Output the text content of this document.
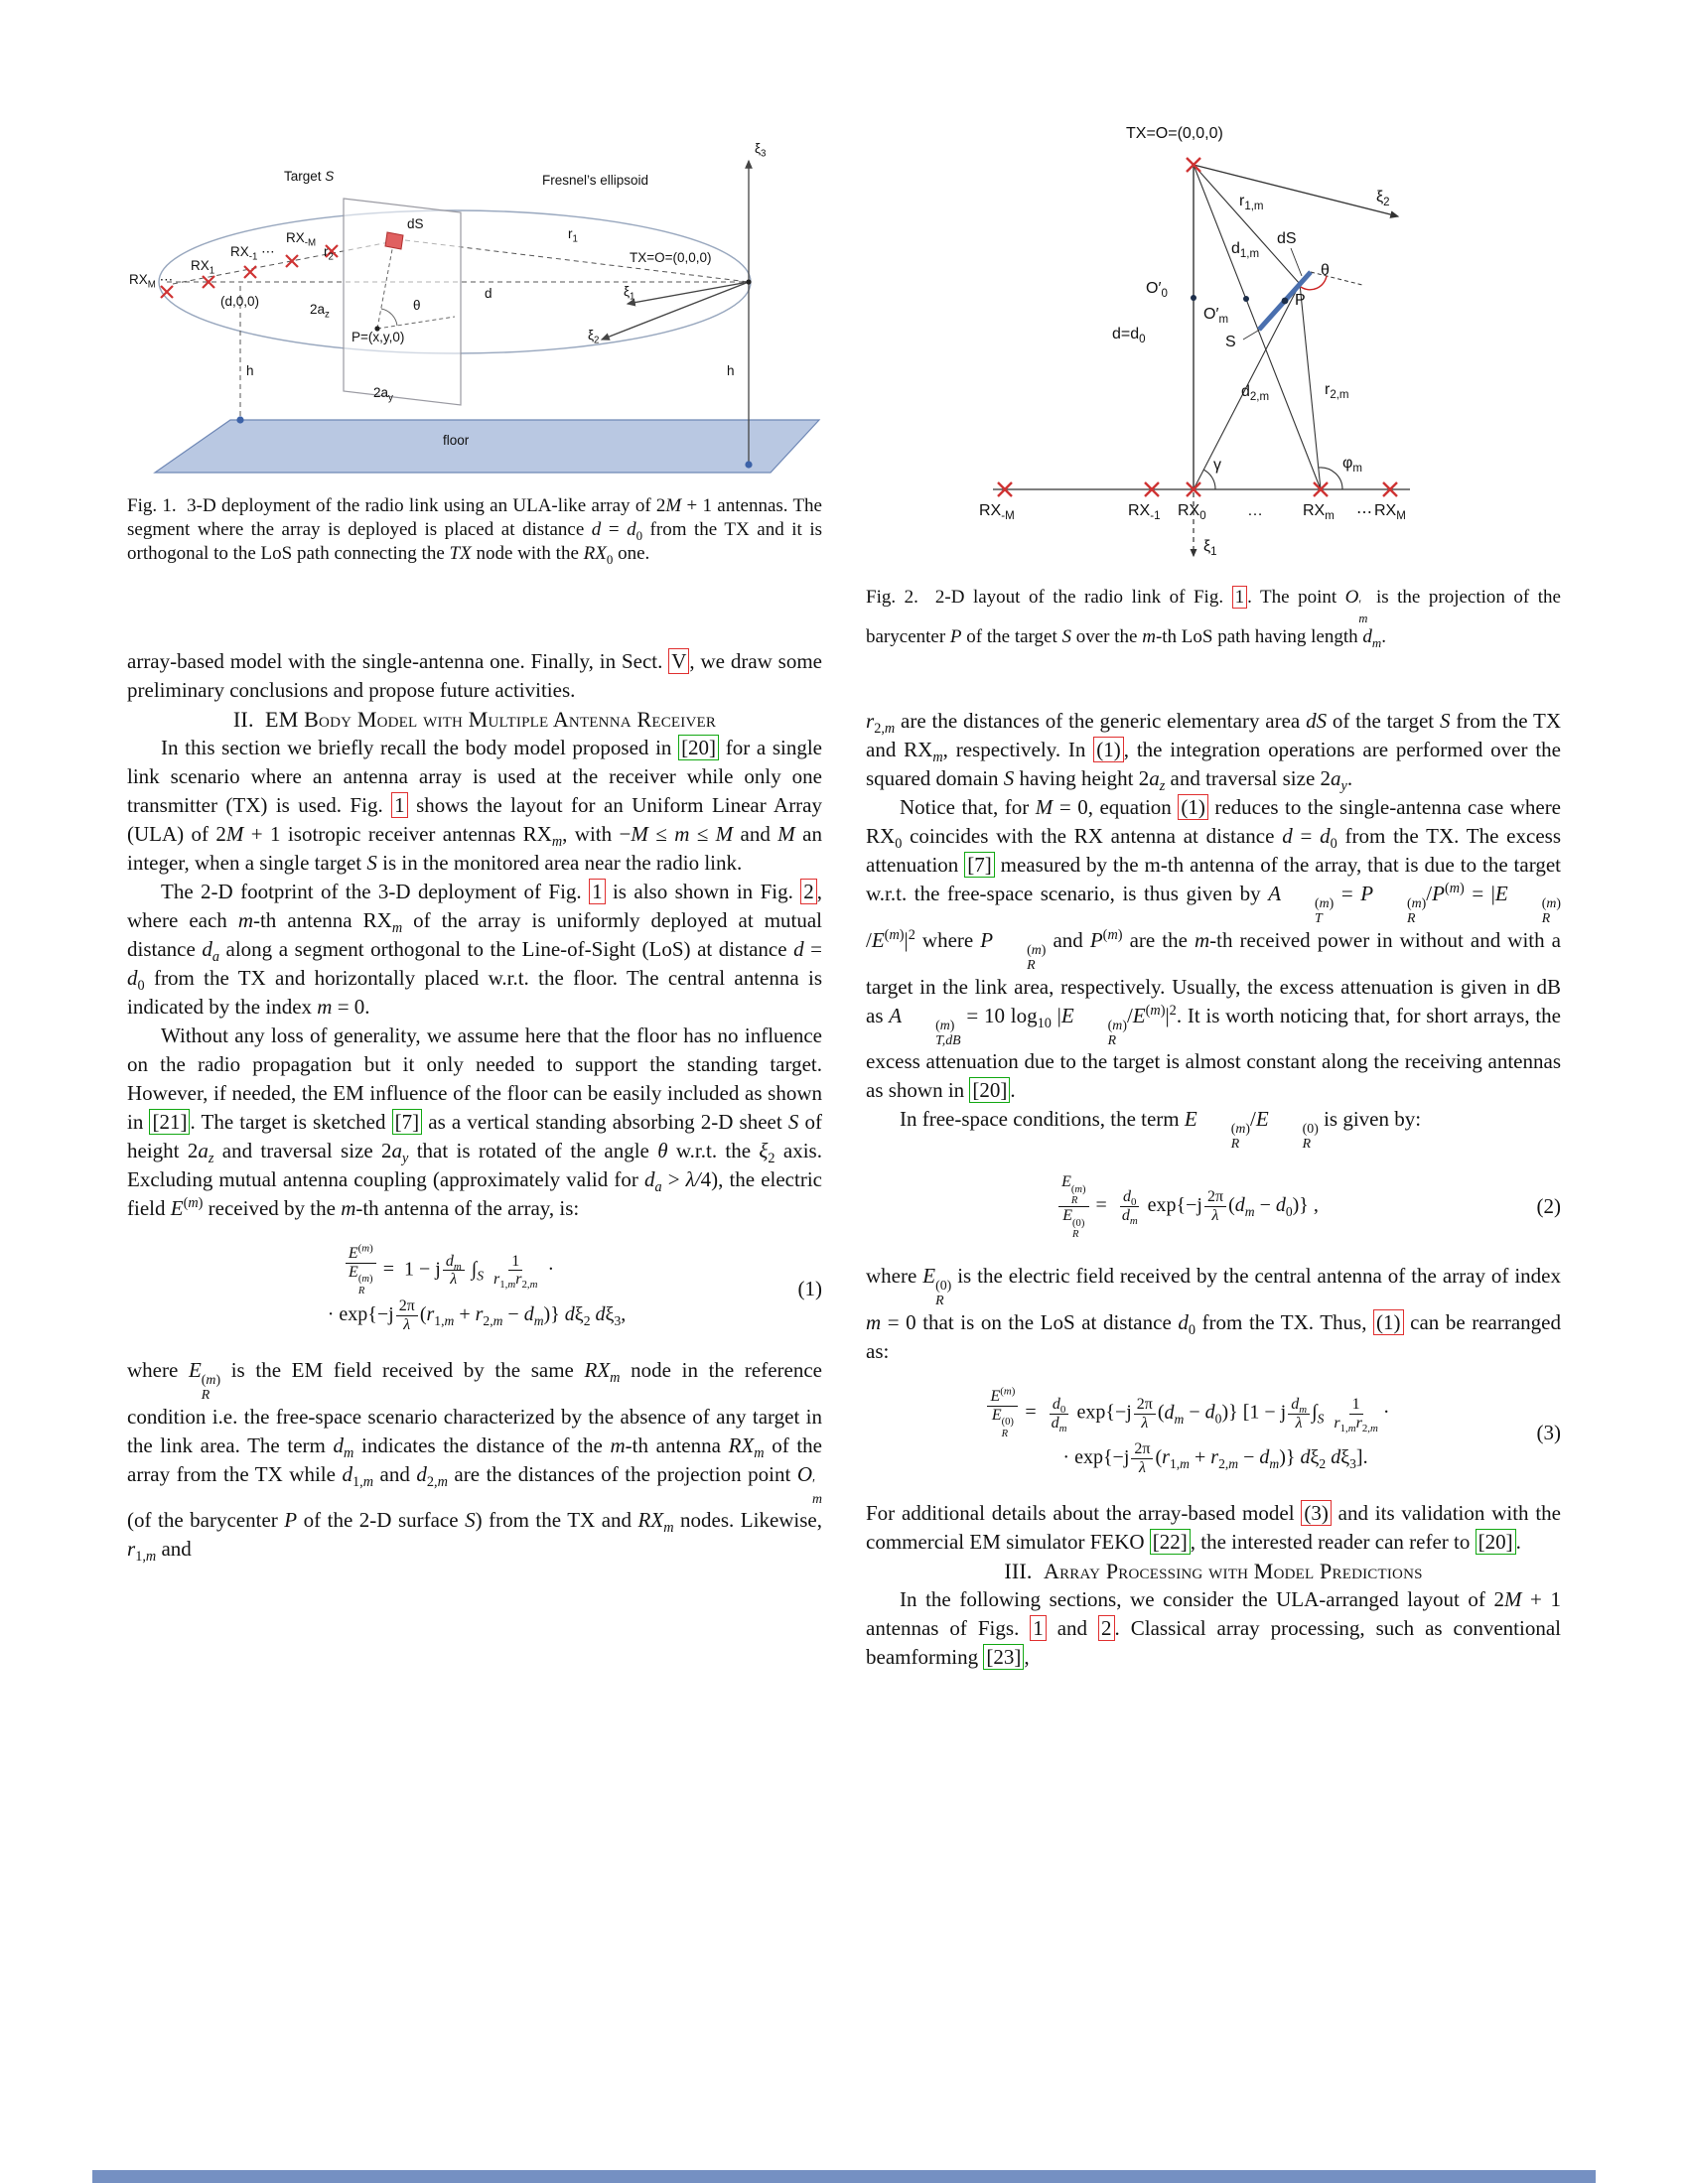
Target S	Fresnel’s ellipsoid
dS
$r_2$
$r_1$
TX=O=(0,0,0)
$\xi_1$
$\xi_2$
$\xi_3$
$RX_M$ ⋯
$RX_1$
$RX_{-1}$ ⋯
$RX_{-M}$
(d,0,0)
$2a_z$
P=(x,y,0)
θ
d
h	h
$2a_y$
floor
Fig. 1.  3-D deployment of the radio link using an ULA-like array of 2M + 1 antennas. The segment where the array is deployed is placed at distance $d = d_0$ from the TX and it is orthogonal to the LoS path connecting the TX node with the $RX_0$ one.
TX=O=(0,0,0)
$\xi_2$
$r_{1,m}$
$d_{1,m}$
dS
θ
$O'_0$
$O'_m$
P
S
$d=d_0$
$d_{2,m}$	$r_{2,m}$
γ	$\varphi_m$
$RX_{-M}$	$RX_{-1}$ $RX_0$	…	$RX_m$ ⋯ $RX_M$
$\xi_1$
Fig. 2.  2-D layout of the radio link of Fig. 1 . The point O ′
m
is the projection of the barycenter P of the target S over the m-th LoS path having length $d_m$.

array-based model with the single-antenna one. Finally, in Sect. V , we draw some preliminary conclusions and propose future activities.

II.  EM Body Model with Multiple Antenna Receiver

In this section we briefly recall the body model proposed in [20] for a single link scenario where an antenna array is used at the receiver while only one transmitter (TX) is used. Fig. 1 shows the layout for an Uniform Linear Array (ULA) of 2M + 1 isotropic receiver antennas $RX_m$, with −M ≤ m ≤ M and M an integer, when a single target S is in the monitored area near the radio link.

The 2-D footprint of the 3-D deployment of Fig. 1 is also shown in Fig. 2 , where each m-th antenna $RX_m$ of the array is uniformly deployed at mutual distance $d_a$ along a segment orthogonal to the Line-of-Sight (LoS) at distance $d = d_0$ from the TX and horizontally placed w.r.t. the floor. The central antenna is indicated by the index m = 0.

Without any loss of generality, we assume here that the floor has no influence on the radio propagation but it only needed to support the standing target. However, if needed, the EM influence of the floor can be easily included as shown in [21] . The target is sketched [7] as a vertical standing absorbing 2-D sheet S of height $2a_z$ and traversal size $2a_y$ that is rotated of the angle θ w.r.t. the $\xi_2$ axis. Excluding mutual antenna coupling (approximately valid for $d_a > \lambda/4$), the electric field $E^{(m)}$ received by the m-th antenna of the array, is:

$E^{(m)}$
E (m)
R =  1 − j $\frac{d_m}{\lambda} \int_S \frac{1}{r_{1,m}r_{2,m}}$ ·
· $\exp\{-j \frac{2\pi}{\lambda} (r_{1,m} + r_{2,m} - d_m)\}$ $d\xi_2$ $d\xi_3$,
(1)

where E (m)
R
is the EM field received by the same $RX_m$ node in the reference condition i.e. the free-space scenario characterized by the absence of any target in the link area. The term $d_m$ indicates the distance of the m-th antenna $RX_m$ of the array from the TX while $d_{1,m}$ and $d_{2,m}$ are the distances of the projection point O ′
m
(of the barycenter P of the 2-D surface S) from the TX and $RX_m$ nodes. Likewise, $r_{1,m}$ and

$r_{2,m}$ are the distances of the generic elementary area dS of the target S from the TX and $RX_m$, respectively. In (1) , the integration operations are performed over the squared domain S having height $2a_z$ and traversal size $2a_y$.

Notice that, for M = 0, equation (1) reduces to the single-antenna case where $RX_0$ coincides with the RX antenna at distance $d = d_0$ from the TX. The excess attenuation [7] measured by the m-th antenna of the array, that is due to the target w.r.t. the free-space scenario, is thus given by A	(m)
T
= P	(m)
R
$/P^{(m)} = |E$	(m)
R
$/E^{(m)}|^2$ where P	(m)
R
and $P^{(m)}$ are the m-th received power in without and with a target in the link area, respectively. Usually, the excess attenuation is given in dB as A	(m)
T,dB
= 10 $\log_{10} |E$	(m)
R
$/E^{(m)}|^2$. It is worth noticing that, for short arrays, the excess attenuation due to the target is almost constant along the receiving antennas as shown in [20] .

In free-space conditions, the term E	(m)
R
/E	(0)
R
is given by:

E (m)
R
E (0)
$R = \frac{d_0}{d_m} \exp\{-j \frac{2\pi}{\lambda} (d_m - d_0)\}$ ,	(2)

where E (0)
R
is the electric field received by the central antenna of the array of index m = 0 that is on the LoS at distance $d_0$ from the TX. Thus, (1) can be rearranged as:

$E^{(m)}$
E (0)
$R = \frac{d_0}{d_m} \exp\{-j \frac{2\pi}{\lambda} (d_m - d_0)\} [1 - j \frac{d_m}{\lambda} \int_S \frac{1}{r_{1,m}r_{2,m}}$ ·
· $\exp\{-j \frac{2\pi}{\lambda} (r_{1,m} + r_{2,m} - d_m)\}$ $d\xi_2$ $d\xi_3$].
(3)

For additional details about the array-based model (3) and its validation with the commercial EM simulator FEKO [22] , the interested reader can refer to [20] .

III.  Array Processing with Model Predictions

In the following sections, we consider the ULA-arranged layout of 2M + 1 antennas of Figs. 1 and 2 . Classical array processing, such as conventional beamforming [23] ,
